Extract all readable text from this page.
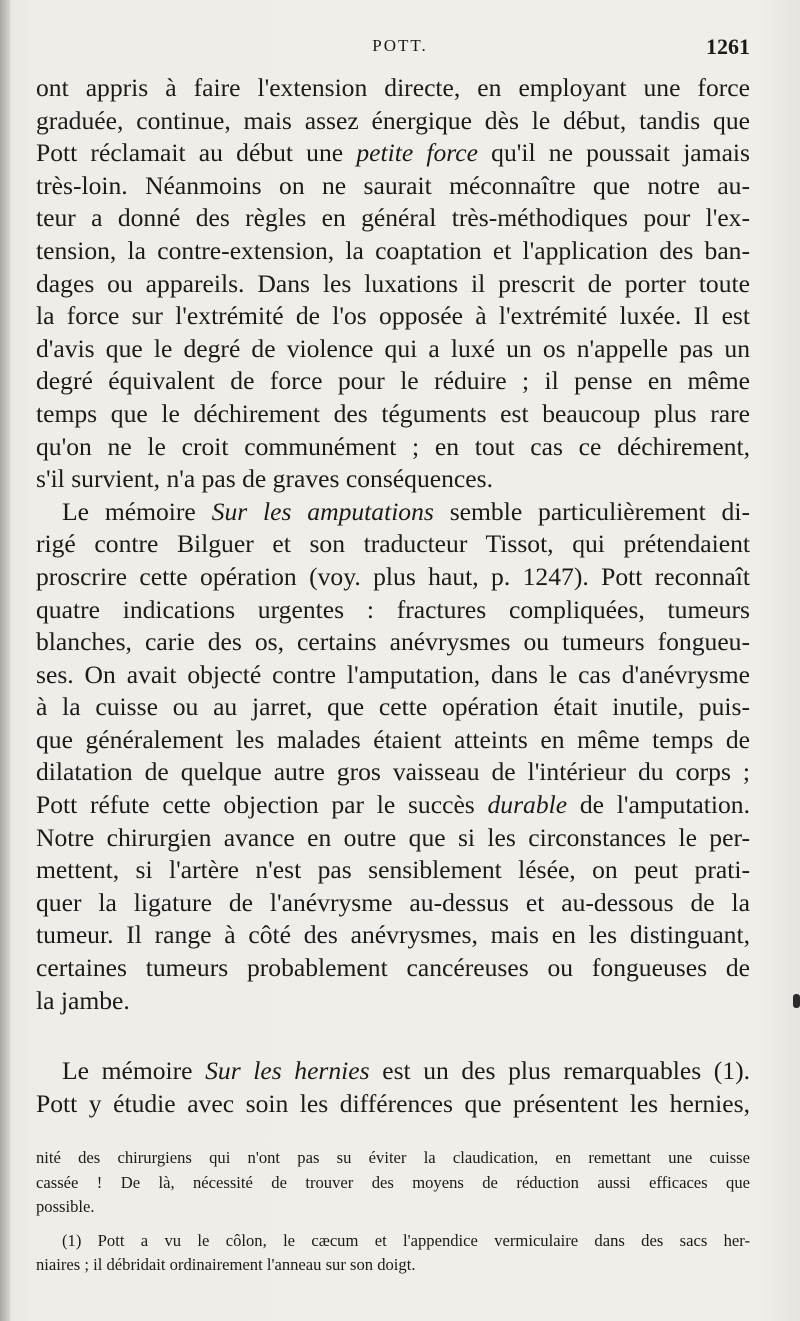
POTT.	1261
ont appris à faire l'extension directe, en employant une force
graduée, continue, mais assez énergique dès le début, tandis que
Pott réclamait au début une petite force qu'il ne poussait jamais
très-loin. Néanmoins on ne saurait méconnaître que notre au-
teur a donné des règles en général très-méthodiques pour l'ex-
tension, la contre-extension, la coaptation et l'application des ban-
dages ou appareils. Dans les luxations il prescrit de porter toute
la force sur l'extrémité de l'os opposée à l'extrémité luxée. Il est
d'avis que le degré de violence qui a luxé un os n'appelle pas un
degré équivalent de force pour le réduire ; il pense en même
temps que le déchirement des téguments est beaucoup plus rare
qu'on ne le croit communément ; en tout cas ce déchirement,
s'il survient, n'a pas de graves conséquences.
Le mémoire Sur les amputations semble particulièrement di-
rigé contre Bilguer et son traducteur Tissot, qui prétendaient
proscrire cette opération (voy. plus haut, p. 1247). Pott reconnaît
quatre indications urgentes : fractures compliquées, tumeurs
blanches, carie des os, certains anévrysmes ou tumeurs fongueu-
ses. On avait objecté contre l'amputation, dans le cas d'anévrysme
à la cuisse ou au jarret, que cette opération était inutile, puis-
que généralement les malades étaient atteints en même temps de
dilatation de quelque autre gros vaisseau de l'intérieur du corps ;
Pott réfute cette objection par le succès durable de l'amputation.
Notre chirurgien avance en outre que si les circonstances le per-
mettent, si l'artère n'est pas sensiblement lésée, on peut prati-
quer la ligature de l'anévrysme au-dessus et au-dessous de la
tumeur. Il range à côté des anévrysmes, mais en les distinguant,
certaines tumeurs probablement cancéreuses ou fongueuses de
la jambe.
Le mémoire Sur les hernies est un des plus remarquables (1).
Pott y étudie avec soin les différences que présentent les hernies,
nité des chirurgiens qui n'ont pas su éviter la claudication, en remettant une cuisse
cassée ! De là, nécessité de trouver des moyens de réduction aussi efficaces que
possible.
(1) Pott a vu le côlon, le cæcum et l'appendice vermiculaire dans des sacs her-
niaires ; il débridait ordinairement l'anneau sur son doigt.
